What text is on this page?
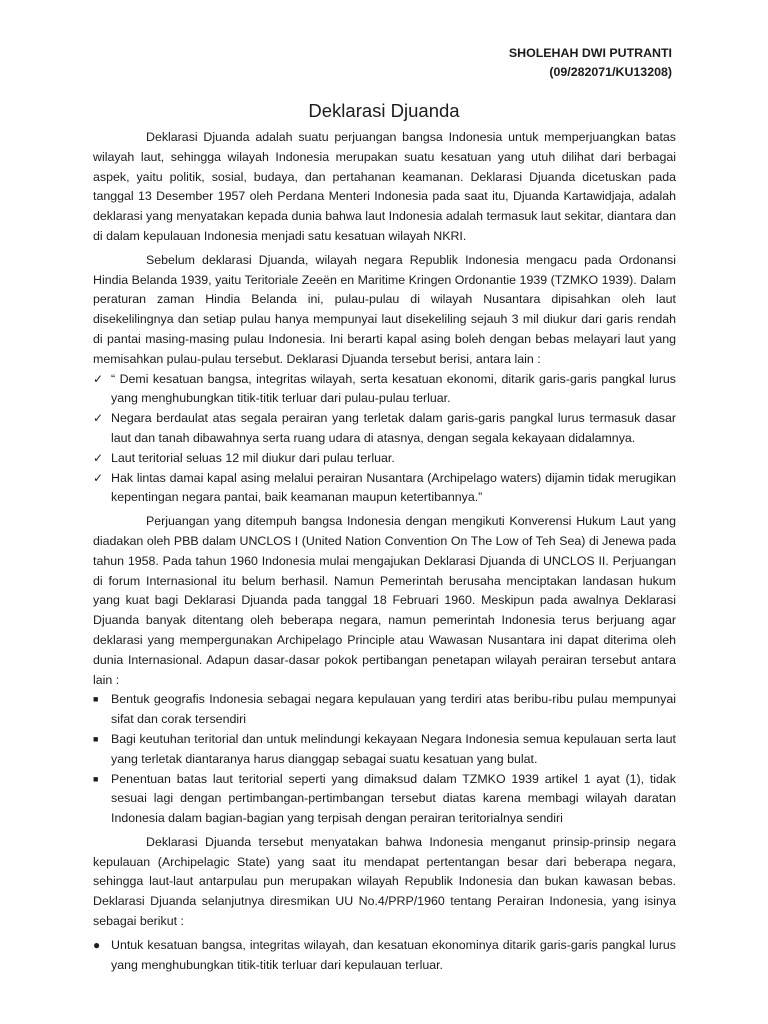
SHOLEHAH DWI PUTRANTI
(09/282071/KU13208)
Deklarasi Djuanda

Deklarasi Djuanda adalah suatu perjuangan bangsa Indonesia untuk memperjuangkan batas wilayah laut, sehingga wilayah Indonesia merupakan suatu kesatuan yang utuh dilihat dari berbagai aspek, yaitu politik, sosial, budaya, dan pertahanan keamanan. Deklarasi Djuanda dicetuskan pada tanggal 13 Desember 1957 oleh Perdana Menteri Indonesia pada saat itu, Djuanda Kartawidjaja, adalah deklarasi yang menyatakan kepada dunia bahwa laut Indonesia adalah termasuk laut sekitar, diantara dan di dalam kepulauan Indonesia menjadi satu kesatuan wilayah NKRI.

Sebelum deklarasi Djuanda, wilayah negara Republik Indonesia mengacu pada Ordonansi Hindia Belanda 1939, yaitu Teritoriale Zeeën en Maritime Kringen Ordonantie 1939 (TZMKO 1939). Dalam peraturan zaman Hindia Belanda ini, pulau-pulau di wilayah Nusantara dipisahkan oleh laut disekelilingnya dan setiap pulau hanya mempunyai laut disekeliling sejauh 3 mil diukur dari garis rendah di pantai masing-masing pulau Indonesia. Ini berarti kapal asing boleh dengan bebas melayari laut yang memisahkan pulau-pulau tersebut. Deklarasi Djuanda tersebut berisi, antara lain :

✓ “ Demi kesatuan bangsa, integritas wilayah, serta kesatuan ekonomi, ditarik garis-garis pangkal lurus yang menghubungkan titik-titik terluar dari pulau-pulau terluar.
✓ Negara berdaulat atas segala perairan yang terletak dalam garis-garis pangkal lurus termasuk dasar laut dan tanah dibawahnya serta ruang udara di atasnya, dengan segala kekayaan didalamnya.
✓ Laut teritorial seluas 12 mil diukur dari pulau terluar.
✓ Hak lintas damai kapal asing melalui perairan Nusantara (Archipelago waters) dijamin tidak merugikan kepentingan negara pantai, baik keamanan maupun ketertibannya.”

Perjuangan yang ditempuh bangsa Indonesia dengan mengikuti Konverensi Hukum Laut yang diadakan oleh PBB dalam UNCLOS I (United Nation Convention On The Low of Teh Sea) di Jenewa pada tahun 1958. Pada tahun 1960 Indonesia mulai mengajukan Deklarasi Djuanda di UNCLOS II. Perjuangan di forum Internasional itu belum berhasil. Namun Pemerintah berusaha menciptakan landasan hukum yang kuat bagi Deklarasi Djuanda pada tanggal 18 Februari 1960. Meskipun pada awalnya Deklarasi Djuanda banyak ditentang oleh beberapa negara, namun pemerintah Indonesia terus berjuang agar deklarasi yang mempergunakan Archipelago Principle atau Wawasan Nusantara ini dapat diterima oleh dunia Internasional. Adapun dasar-dasar pokok pertibangan penetapan wilayah perairan tersebut antara lain :

■	Bentuk geografis Indonesia sebagai negara kepulauan yang terdiri atas beribu-ribu pulau mempunyai sifat dan corak tersendiri
■	Bagi keutuhan teritorial dan untuk melindungi kekayaan Negara Indonesia semua kepulauan serta laut yang terletak diantaranya harus dianggap sebagai suatu kesatuan yang bulat.
■	Penentuan batas laut teritorial seperti yang dimaksud dalam TZMKO 1939 artikel 1 ayat (1), tidak sesuai lagi dengan pertimbangan-pertimbangan tersebut diatas karena membagi wilayah daratan Indonesia dalam bagian-bagian yang terpisah dengan perairan teritorialnya sendiri

Deklarasi Djuanda tersebut menyatakan bahwa Indonesia menganut prinsip-prinsip negara kepulauan (Archipelagic State) yang saat itu mendapat pertentangan besar dari beberapa negara, sehingga laut-laut antarpulau pun merupakan wilayah Republik Indonesia dan bukan kawasan bebas. Deklarasi Djuanda selanjutnya diresmikan UU No.4/PRP/1960 tentang Perairan Indonesia, yang isinya sebagai berikut :

● Untuk kesatuan bangsa, integritas wilayah, dan kesatuan ekonominya ditarik garis-garis pangkal lurus yang menghubungkan titik-titik terluar dari kepulauan terluar.
